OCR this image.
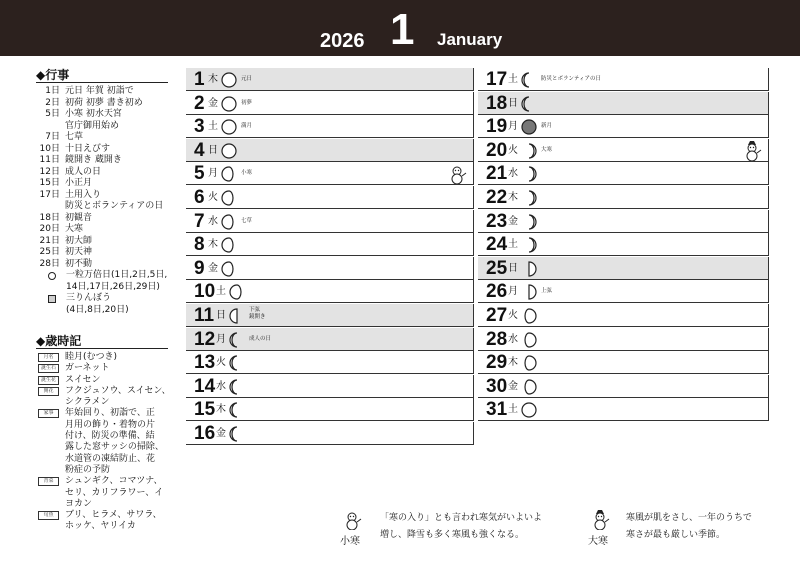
2026 1 January
◆行事
1日 元日 年賀 初詣で
2日 初荷 初夢 書き初め
5日 小寒 初水天宮
官庁御用始め
7日 七草
10日 十日えびす
11日 鏡開き 蔵開き
12日 成人の日
15日 小正月
17日 土用入り
防災とボランティアの日
18日 初観音
20日 大寒
21日 初大師
25日 初天神
28日 初不動
一粒万倍日(1日,2日,5日,
14日,17日,26日,29日)
三りんぼう
(4日,8日,20日)
◆歳時記
月名	睦月(むつき)
誕生石	ガーネット
誕生花	スイセン
開花	フクジュソウ、スイセン、
シクラメン
家事	年始回り、初詣で、正
月用の飾り・着物の片
付け、防災の準備、結
露した窓サッシの掃除、
水道管の凍結防止、花
粉症の予防
青菜	シュンギク、コマツナ、
セリ、カリフラワー、イ
ヨカン
旬魚	ブリ、ヒラメ、サワラ、
ホッケ、ヤリイカ
1 木	元日
2 金	初夢
3 土	満月
4 日
5 月	小寒
6 火
7 水	七草
8 木
9 金
10 土
11 日	下弦
鏡開き
12 月	成人の日
13 火
14 水
15 木
16 金
17 土	防災とボランティアの日
18 日
19 月	新月
20 火	大寒
21 水
22 木
23 金
24 土
25 日
26 月	上弦
27 火
28 水
29 木
30 金
31 土
小寒
「寒の入り」とも言われ寒気がいよいよ
増し、降雪も多く寒風も強くなる。
大寒
寒風が肌をさし、一年のうちで
寒さが最も厳しい季節。
